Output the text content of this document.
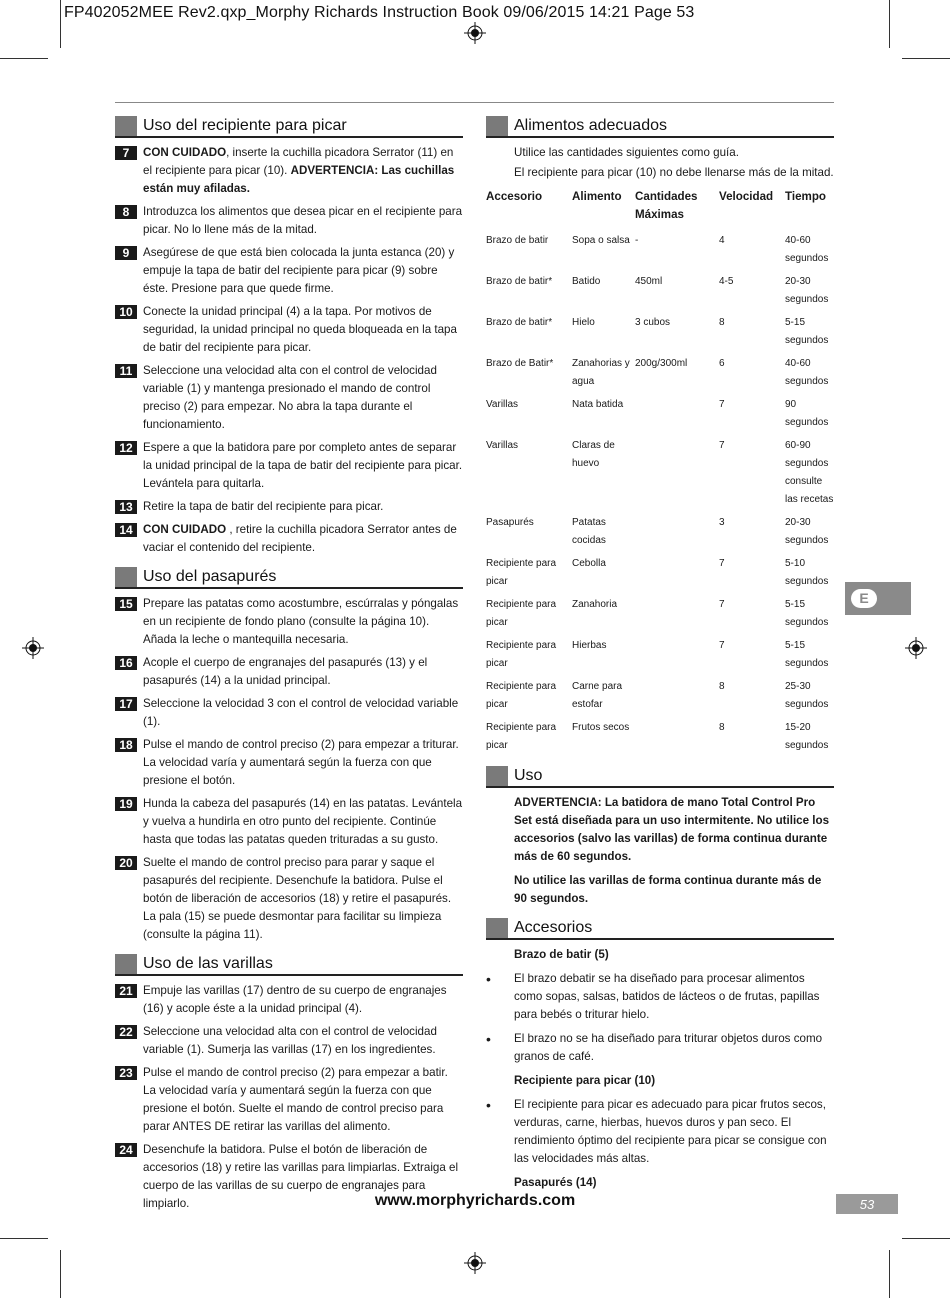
FP402052MEE Rev2.qxp_Morphy Richards Instruction Book 09/06/2015 14:21 Page 53
Uso del recipiente para picar
7	CON CUIDADO, inserte la cuchilla picadora Serrator (11) en el recipiente para picar (10). ADVERTENCIA: Las cuchillas están muy afiladas.
8	Introduzca los alimentos que desea picar en el recipiente para picar. No lo llene más de la mitad.
9	Asegúrese de que está bien colocada la junta estanca (20) y empuje la tapa de batir del recipiente para picar (9) sobre éste. Presione para que quede firme.
10 Conecte la unidad principal (4) a la tapa. Por motivos de seguridad, la unidad principal no queda bloqueada en la tapa de batir del recipiente para picar.
11 Seleccione una velocidad alta con el control de velocidad variable (1) y mantenga presionado el mando de control preciso (2) para empezar. No abra la tapa durante el funcionamiento.
12 Espere a que la batidora pare por completo antes de separar la unidad principal de la tapa de batir del recipiente para picar. Levántela para quitarla.
13 Retire la tapa de batir del recipiente para picar.
14 CON CUIDADO , retire la cuchilla picadora Serrator antes de vaciar el contenido del recipiente.
Uso del pasapurés
15 Prepare las patatas como acostumbre, escúrralas y póngalas en un recipiente de fondo plano (consulte la página 10). Añada la leche o mantequilla necesaria.
16 Acople el cuerpo de engranajes del pasapurés (13) y el pasapurés (14) a la unidad principal.
17 Seleccione la velocidad 3 con el control de velocidad variable (1).
18 Pulse el mando de control preciso (2) para empezar a triturar. La velocidad varía y aumentará según la fuerza con que presione el botón.
19 Hunda la cabeza del pasapurés (14) en las patatas. Levántela y vuelva a hundirla en otro punto del recipiente. Continúe hasta que todas las patatas queden trituradas a su gusto.
20 Suelte el mando de control preciso para parar y saque el pasapurés del recipiente. Desenchufe la batidora. Pulse el botón de liberación de accesorios (18) y retire el pasapurés. La pala (15) se puede desmontar para facilitar su limpieza (consulte la página 11).
Uso de las varillas
21 Empuje las varillas (17) dentro de su cuerpo de engranajes (16) y acople éste a la unidad principal (4).
22 Seleccione una velocidad alta con el control de velocidad variable (1). Sumerja las varillas (17) en los ingredientes.
23 Pulse el mando de control preciso (2) para empezar a batir. La velocidad varía y aumentará según la fuerza con que presione el botón. Suelte el mando de control preciso para parar ANTES DE retirar las varillas del alimento.
24 Desenchufe la batidora. Pulse el botón de liberación de accesorios (18) y retire las varillas para limpiarlas. Extraiga el cuerpo de las varillas de su cuerpo de engranajes para limpiarlo.
Alimentos adecuados
Utilice las cantidades siguientes como guía.
El recipiente para picar (10) no debe llenarse más de la mitad.
Accesorio	Alimento	Cantidades Máximas	Velocidad	Tiempo
Brazo de batir	Sopa o salsa	-	4	40-60 segundos
Brazo de batir*	Batido	450ml	4-5	20-30 segundos
Brazo de batir*	Hielo	3 cubos	8	5-15 segundos
Brazo de Batir*	Zanahorias y agua	200g/300ml	6	40-60 segundos
Varillas	Nata batida		7	90 segundos
Varillas	Claras de huevo		7	60-90 segundos consulte las recetas
Pasapurés	Patatas cocidas		3	20-30 segundos
Recipiente para picar	Cebolla		7	5-10 segundos
Recipiente para picar	Zanahoria		7	5-15 segundos
Recipiente para picar	Hierbas		7	5-15 segundos
Recipiente para picar	Carne para estofar		8	25-30 segundos
Recipiente para picar	Frutos secos		8	15-20 segundos
Uso
ADVERTENCIA: La batidora de mano Total Control Pro Set está diseñada para un uso intermitente. No utilice los accesorios (salvo las varillas) de forma continua durante más de 60 segundos.
No utilice las varillas de forma continua durante más de 90 segundos.
Accesorios
Brazo de batir (5)
•	El brazo debatir se ha diseñado para procesar alimentos como sopas, salsas, batidos de lácteos o de frutas, papillas para bebés o triturar hielo.
•	El brazo no se ha diseñado para triturar objetos duros como granos de café.
Recipiente para picar (10)
•	El recipiente para picar es adecuado para picar frutos secos, verduras, carne, hierbas, huevos duros y pan seco. El rendimiento óptimo del recipiente para picar se consigue con las velocidades más altas.
Pasapurés (14)
E
www.morphyrichards.com	53
